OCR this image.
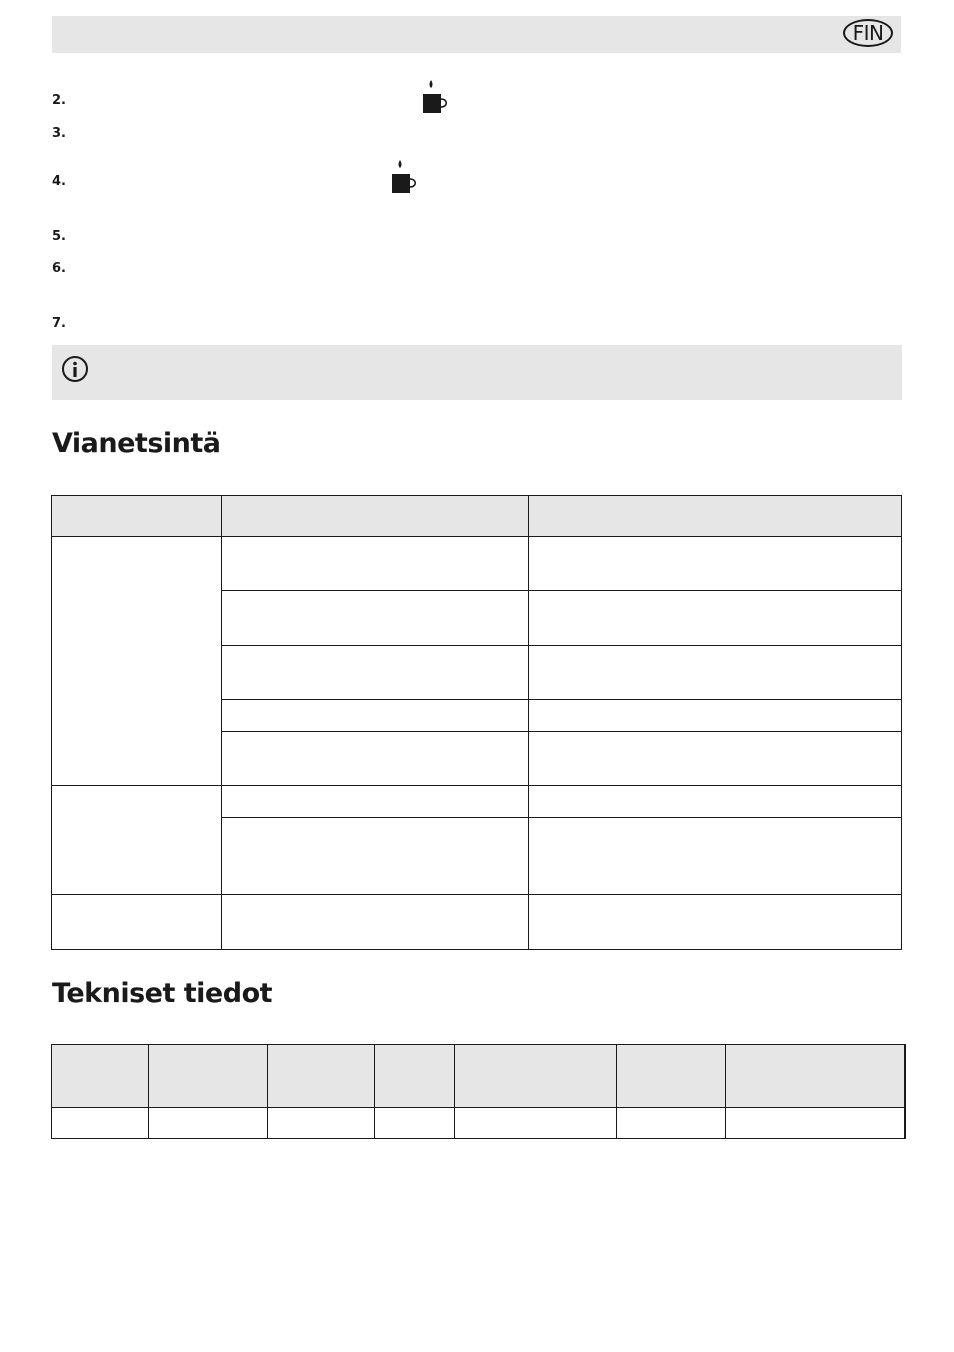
FIN
2.
3.
4.
5.
6.
7.
Vianetsintä

Tekniset tiedot
